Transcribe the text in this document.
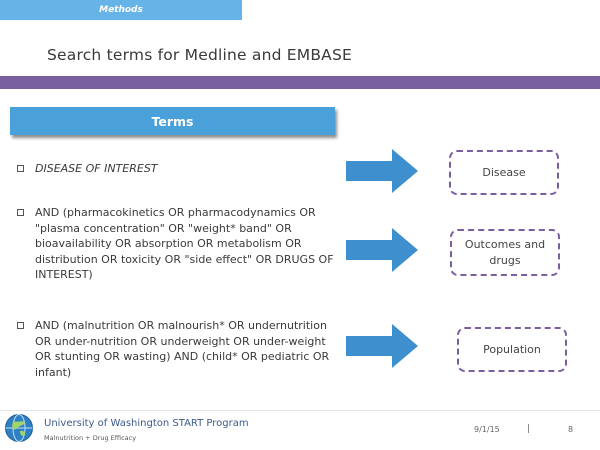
Methods
Search terms for Medline and EMBASE
Terms
DISEASE OF INTEREST
AND (pharmacokinetics OR pharmacodynamics OR "plasma concentration" OR "weight* band" OR bioavailability OR absorption OR metabolism OR distribution OR toxicity OR "side effect" OR DRUGS OF INTEREST)
AND (malnutrition OR malnourish* OR undernutrition OR under-nutrition OR underweight OR under-weight OR stunting OR wasting) AND (child* OR pediatric OR infant)
Disease
Outcomes and drugs
Population
University of Washington START Program
Malnutrition + Drug Efficacy
9/1/15	|	8
